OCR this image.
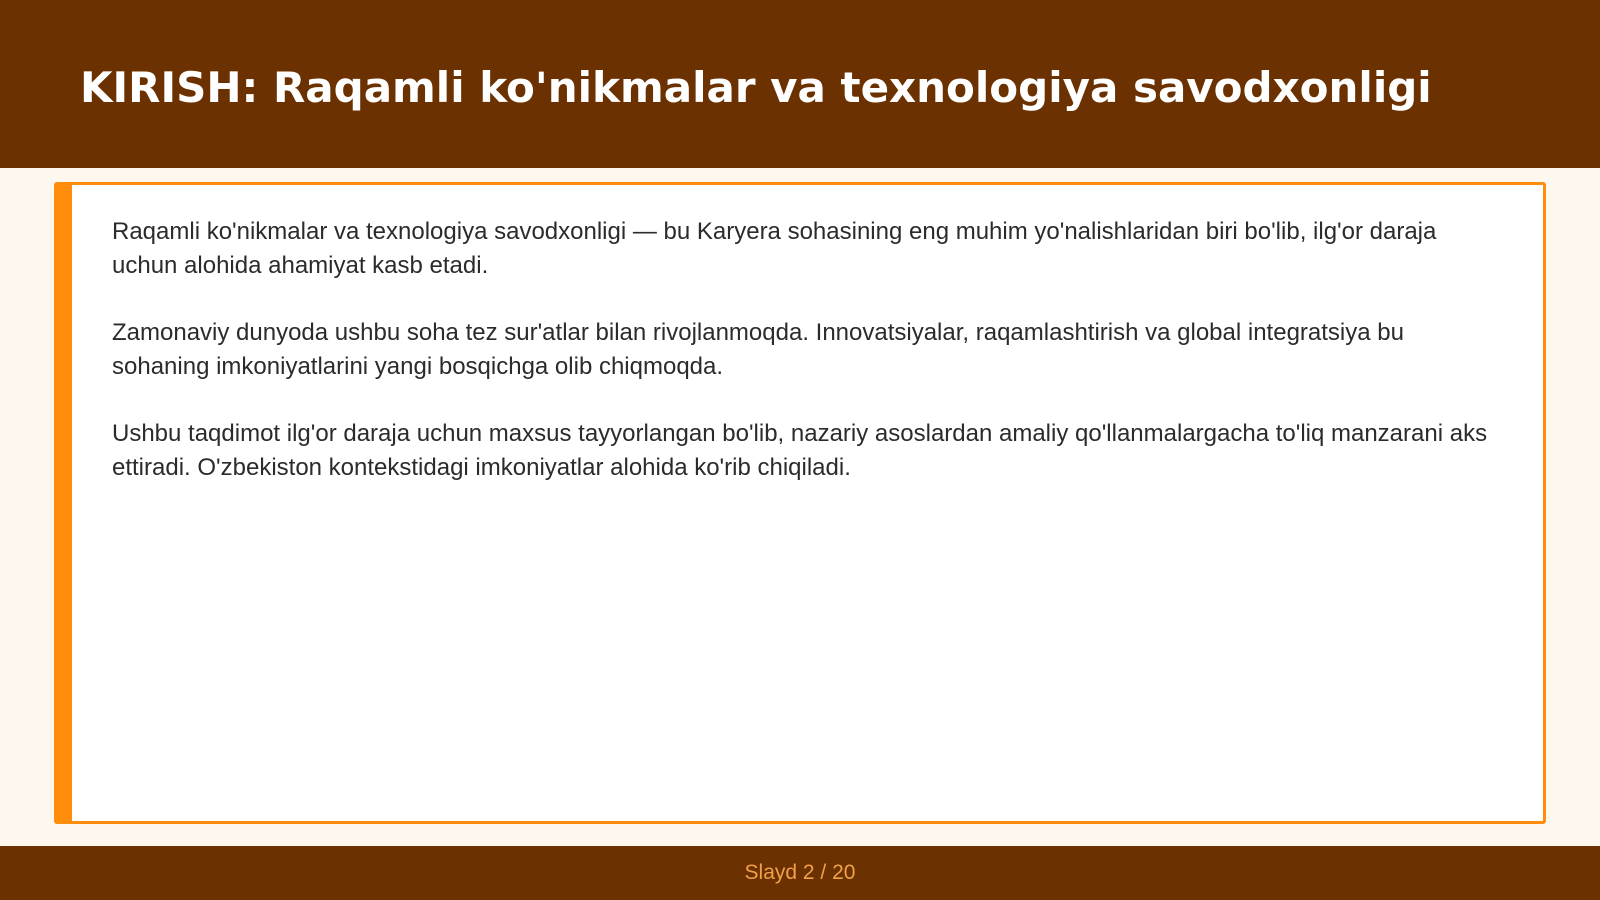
KIRISH: Raqamli ko'nikmalar va texnologiya savodxonligi

Raqamli ko'nikmalar va texnologiya savodxonligi — bu Karyera sohasining eng muhim yo'nalishlaridan biri bo'lib, ilg'or daraja uchun alohida ahamiyat kasb etadi.

Zamonaviy dunyoda ushbu soha tez sur'atlar bilan rivojlanmoqda. Innovatsiyalar, raqamlashtirish va global integratsiya bu sohaning imkoniyatlarini yangi bosqichga olib chiqmoqda.

Ushbu taqdimot ilg'or daraja uchun maxsus tayyorlangan bo'lib, nazariy asoslardan amaliy qo'llanmalargacha to'liq manzarani aks ettiradi. O'zbekiston kontekstidagi imkoniyatlar alohida ko'rib chiqiladi.

Slayd 2 / 20
